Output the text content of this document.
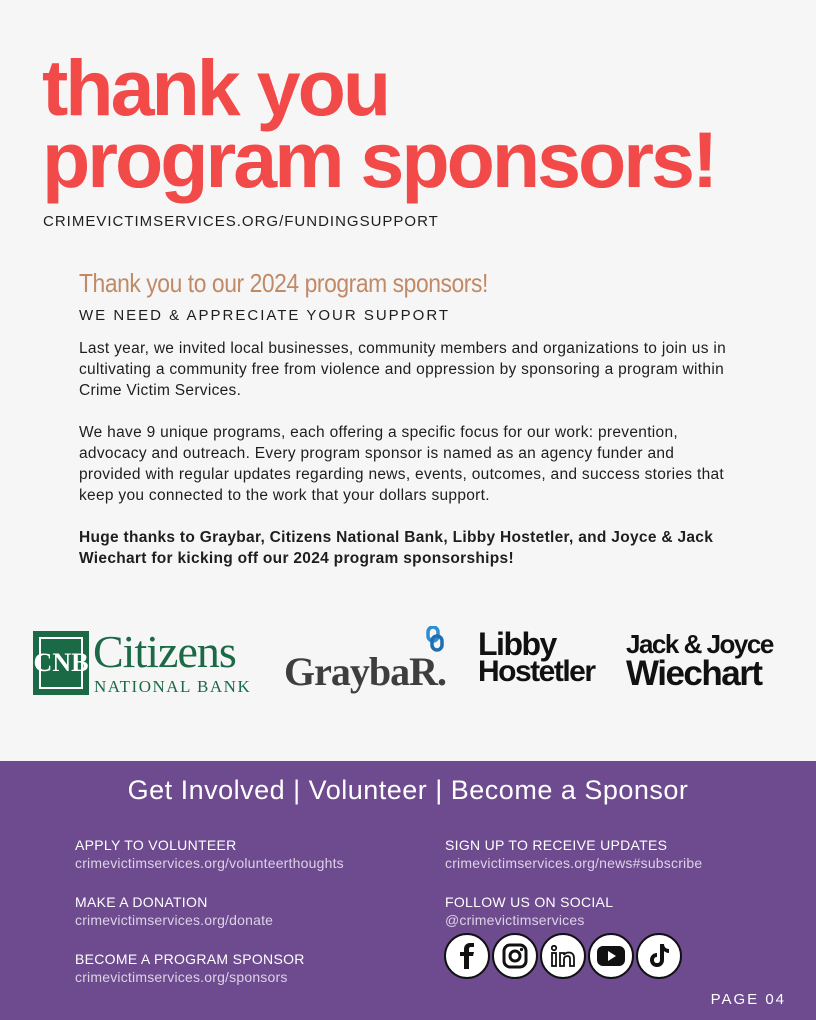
thank you
program sponsors!
CRIMEVICTIMSERVICES.ORG/FUNDINGSUPPORT
Thank you to our 2024 program sponsors!
WE NEED & APPRECIATE YOUR SUPPORT

Last year, we invited local businesses, community members and organizations to join us in cultivating a community free from violence and oppression by sponsoring a program within Crime Victim Services.

We have 9 unique programs, each offering a specific focus for our work: prevention, advocacy and outreach. Every program sponsor is named as an agency funder and provided with regular updates regarding news, events, outcomes, and success stories that keep you connected to the work that your dollars support.

Huge thanks to Graybar, Citizens National Bank, Libby Hostetler, and Joyce & Jack Wiechart for kicking off our 2024 program sponsorships!

CNB Citizens
NATIONAL BANK GraybaR.
Libby
Hostetler
Jack & Joyce
Wiechart
Get Involved | Volunteer | Become a Sponsor
APPLY TO VOLUNTEER
crimevictimservices.org/volunteerthoughts
MAKE A DONATION
crimevictimservices.org/donate
BECOME A PROGRAM SPONSOR
crimevictimservices.org/sponsors
SIGN UP TO RECEIVE UPDATES
crimevictimservices.org/news#subscribe
FOLLOW US ON SOCIAL
@crimevictimservices
PAGE 04
